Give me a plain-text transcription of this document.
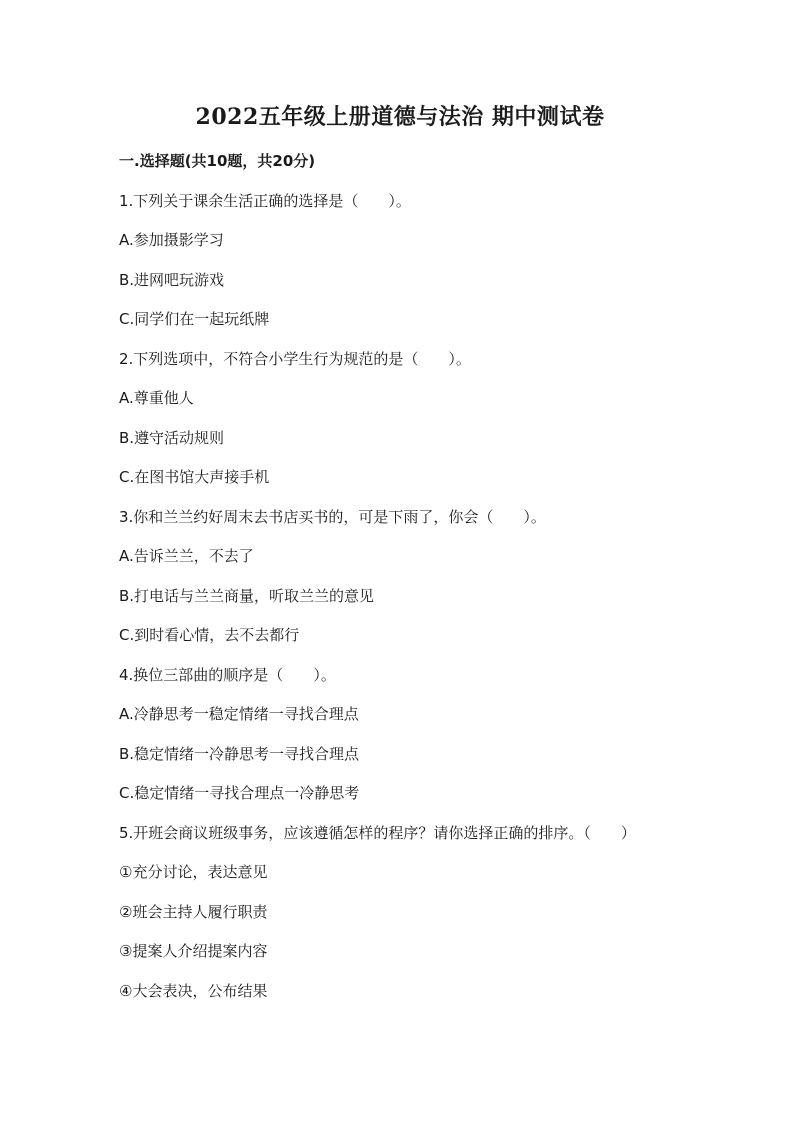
2022五年级上册道德与法治 期中测试卷
一.选择题(共10题，共20分)
1.下列关于课余生活正确的选择是（　　）。
A.参加摄影学习
B.进网吧玩游戏
C.同学们在一起玩纸牌
2.下列选项中，不符合小学生行为规范的是（　　）。
A.尊重他人
B.遵守活动规则
C.在图书馆大声接手机
3.你和兰兰约好周末去书店买书的，可是下雨了，你会（　　）。
A.告诉兰兰，不去了
B.打电话与兰兰商量，听取兰兰的意见
C.到时看心情，去不去都行
4.换位三部曲的顺序是（　　）。
A.冷静思考一稳定情绪一寻找合理点
B.稳定情绪一冷静思考一寻找合理点
C.稳定情绪一寻找合理点一冷静思考
5.开班会商议班级事务，应该遵循怎样的程序？请你选择正确的排序。（　　）
①充分讨论，表达意见
②班会主持人履行职责
③提案人介绍提案内容
④大会表决，公布结果
